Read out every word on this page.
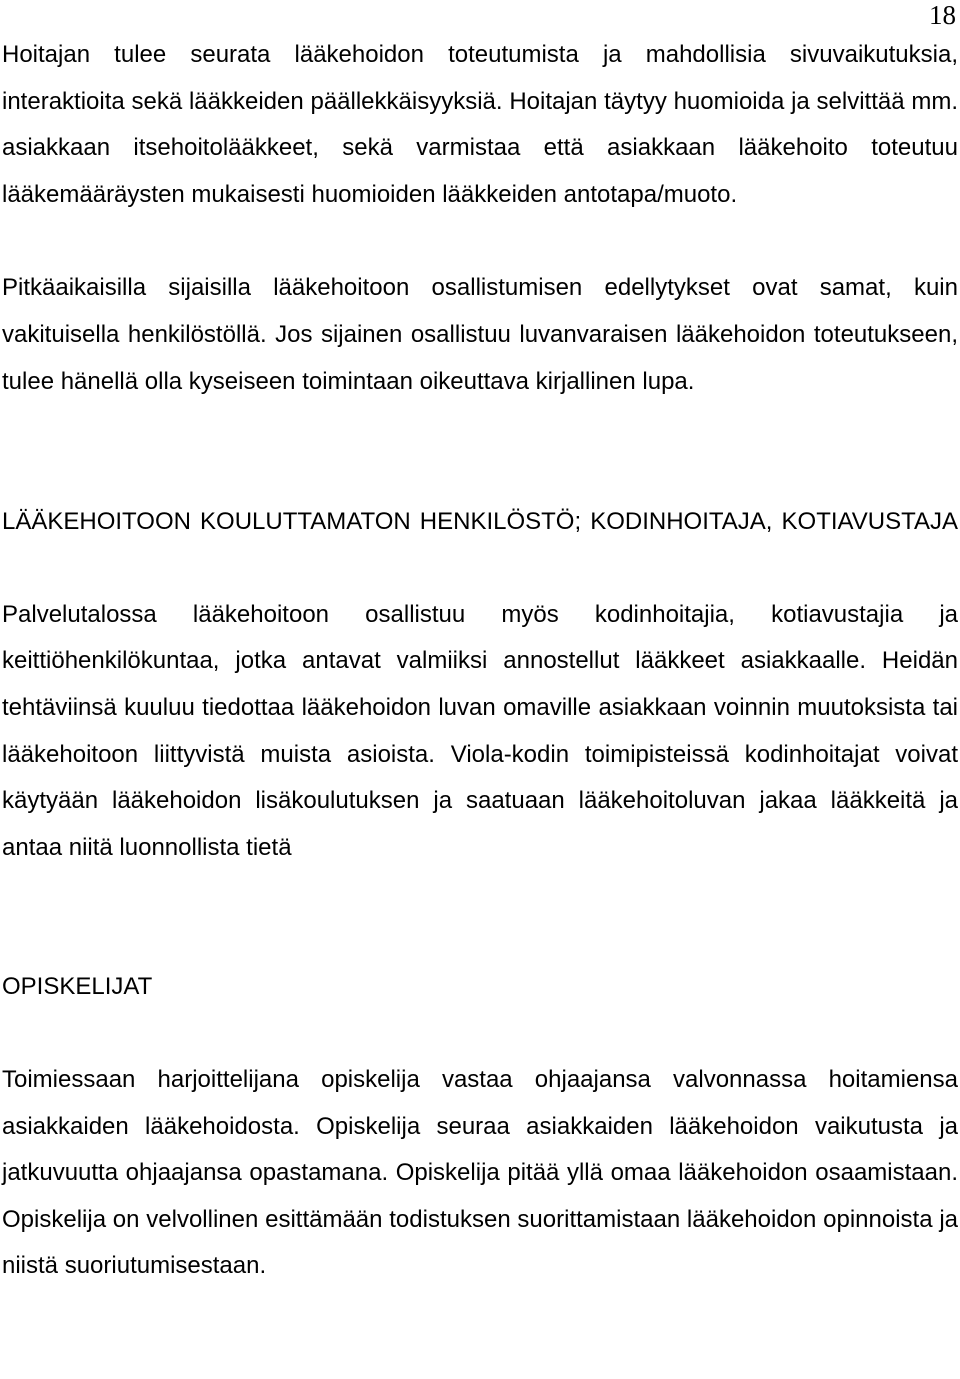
18

Hoitajan tulee seurata lääkehoidon toteutumista ja mahdollisia sivuvaikutuksia, interaktioita sekä lääkkeiden päällekkäisyyksiä. Hoitajan täytyy huomioida ja selvittää mm. asiakkaan itsehoitolääkkeet, sekä varmistaa että asiakkaan lääkehoito toteutuu lääkemääräysten mukaisesti huomioiden lääkkeiden antotapa/muoto.

Pitkäaikaisilla sijaisilla lääkehoitoon osallistumisen edellytykset ovat samat, kuin vakituisella henkilöstöllä. Jos sijainen osallistuu luvanvaraisen lääkehoidon toteutukseen, tulee hänellä olla kyseiseen toimintaan oikeuttava kirjallinen lupa.

LÄÄKEHOITOON KOULUTTAMATON HENKILÖSTÖ; KODINHOITAJA, KOTIAVUSTAJA

Palvelutalossa lääkehoitoon osallistuu myös kodinhoitajia, kotiavustajia ja keittiöhenkilökuntaa, jotka antavat valmiiksi annostellut lääkkeet asiakkaalle. Heidän tehtäviinsä kuuluu tiedottaa lääkehoidon luvan omaville asiakkaan voinnin muutoksista tai lääkehoitoon liittyvistä muista asioista. Viola-kodin toimipisteissä kodinhoitajat voivat käytyään lääkehoidon lisäkoulutuksen ja saatuaan lääkehoitoluvan jakaa lääkkeitä ja antaa niitä luonnollista tietä

OPISKELIJAT

Toimiessaan harjoittelijana opiskelija vastaa ohjaajansa valvonnassa hoitamiensa asiakkaiden lääkehoidosta. Opiskelija seuraa asiakkaiden lääkehoidon vaikutusta ja jatkuvuutta ohjaajansa opastamana. Opiskelija pitää yllä omaa lääkehoidon osaamistaan. Opiskelija on velvollinen esittämään todistuksen suorittamistaan lääkehoidon opinnoista ja niistä suoriutumisestaan.
